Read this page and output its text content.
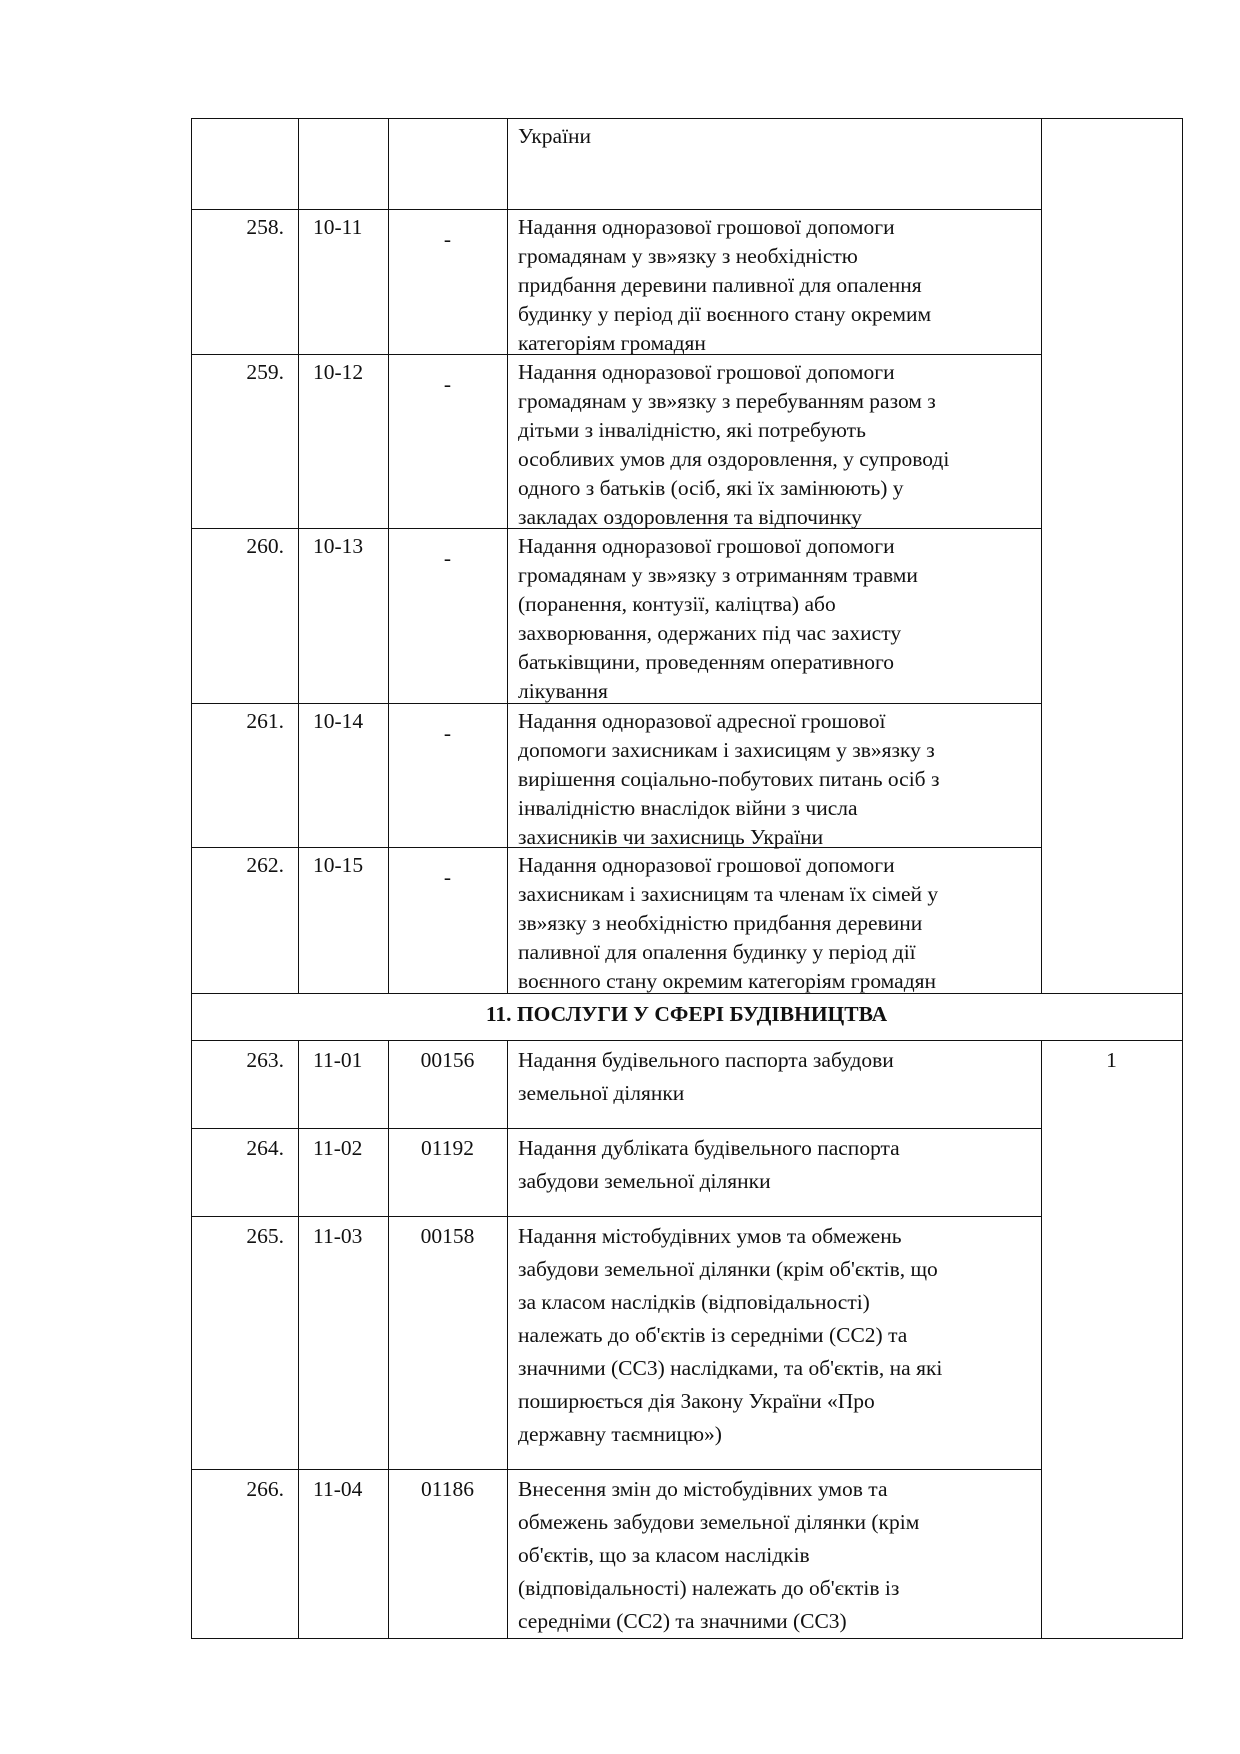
України
258. 10-11	-	Надання одноразової грошової допомоги
громадянам у зв»язку з необхідністю
придбання деревини паливної для опалення
будинку у період дії воєнного стану окремим
категоріям громадян
259. 10-12	-	Надання одноразової грошової допомоги
громадянам у зв»язку з перебуванням разом з
дітьми з інвалідністю, які потребують
особливих умов для оздоровлення, у супроводі
одного з батьків (осіб, які їх замінюють) у
закладах оздоровлення та відпочинку
260. 10-13	-	Надання одноразової грошової допомоги
громадянам у зв»язку з отриманням травми
(поранення, контузії, каліцтва) або
захворювання, одержаних під час захисту
батьківщини, проведенням оперативного
лікування
261. 10-14	-	Надання одноразової адресної грошової
допомоги захисникам і захисицям у зв»язку з
вирішення соціально-побутових питань осіб з
інвалідністю внаслідок війни з числа
захисників чи захисниць України
262. 10-15	-	Надання одноразової грошової допомоги
захисникам і захисницям та членам їх сімей у
зв»язку з необхідністю придбання деревини
паливної для опалення будинку у період дії
воєнного стану окремим категоріям громадян
11. ПОСЛУГИ У СФЕРІ БУДІВНИЦТВА
263. 11-01	00156	Надання будівельного паспорта забудови
земельної ділянки
264. 11-02	01192	Надання дубліката будівельного паспорта
забудови земельної ділянки
265. 11-03	00158	Надання містобудівних умов та обмежень
забудови земельної ділянки (крім об'єктів, що
за класом наслідків (відповідальності)
належать до об'єктів із середніми (СС2) та
значними (СС3) наслідками, та об'єктів, на які
поширюється дія Закону України «Про
державну таємницю»)
266. 11-04	01186	Внесення змін до містобудівних умов та
обмежень забудови земельної ділянки (крім
об'єктів, що за класом наслідків
(відповідальності) належать до об'єктів із
середніми (СС2) та значними (СС3)
1
